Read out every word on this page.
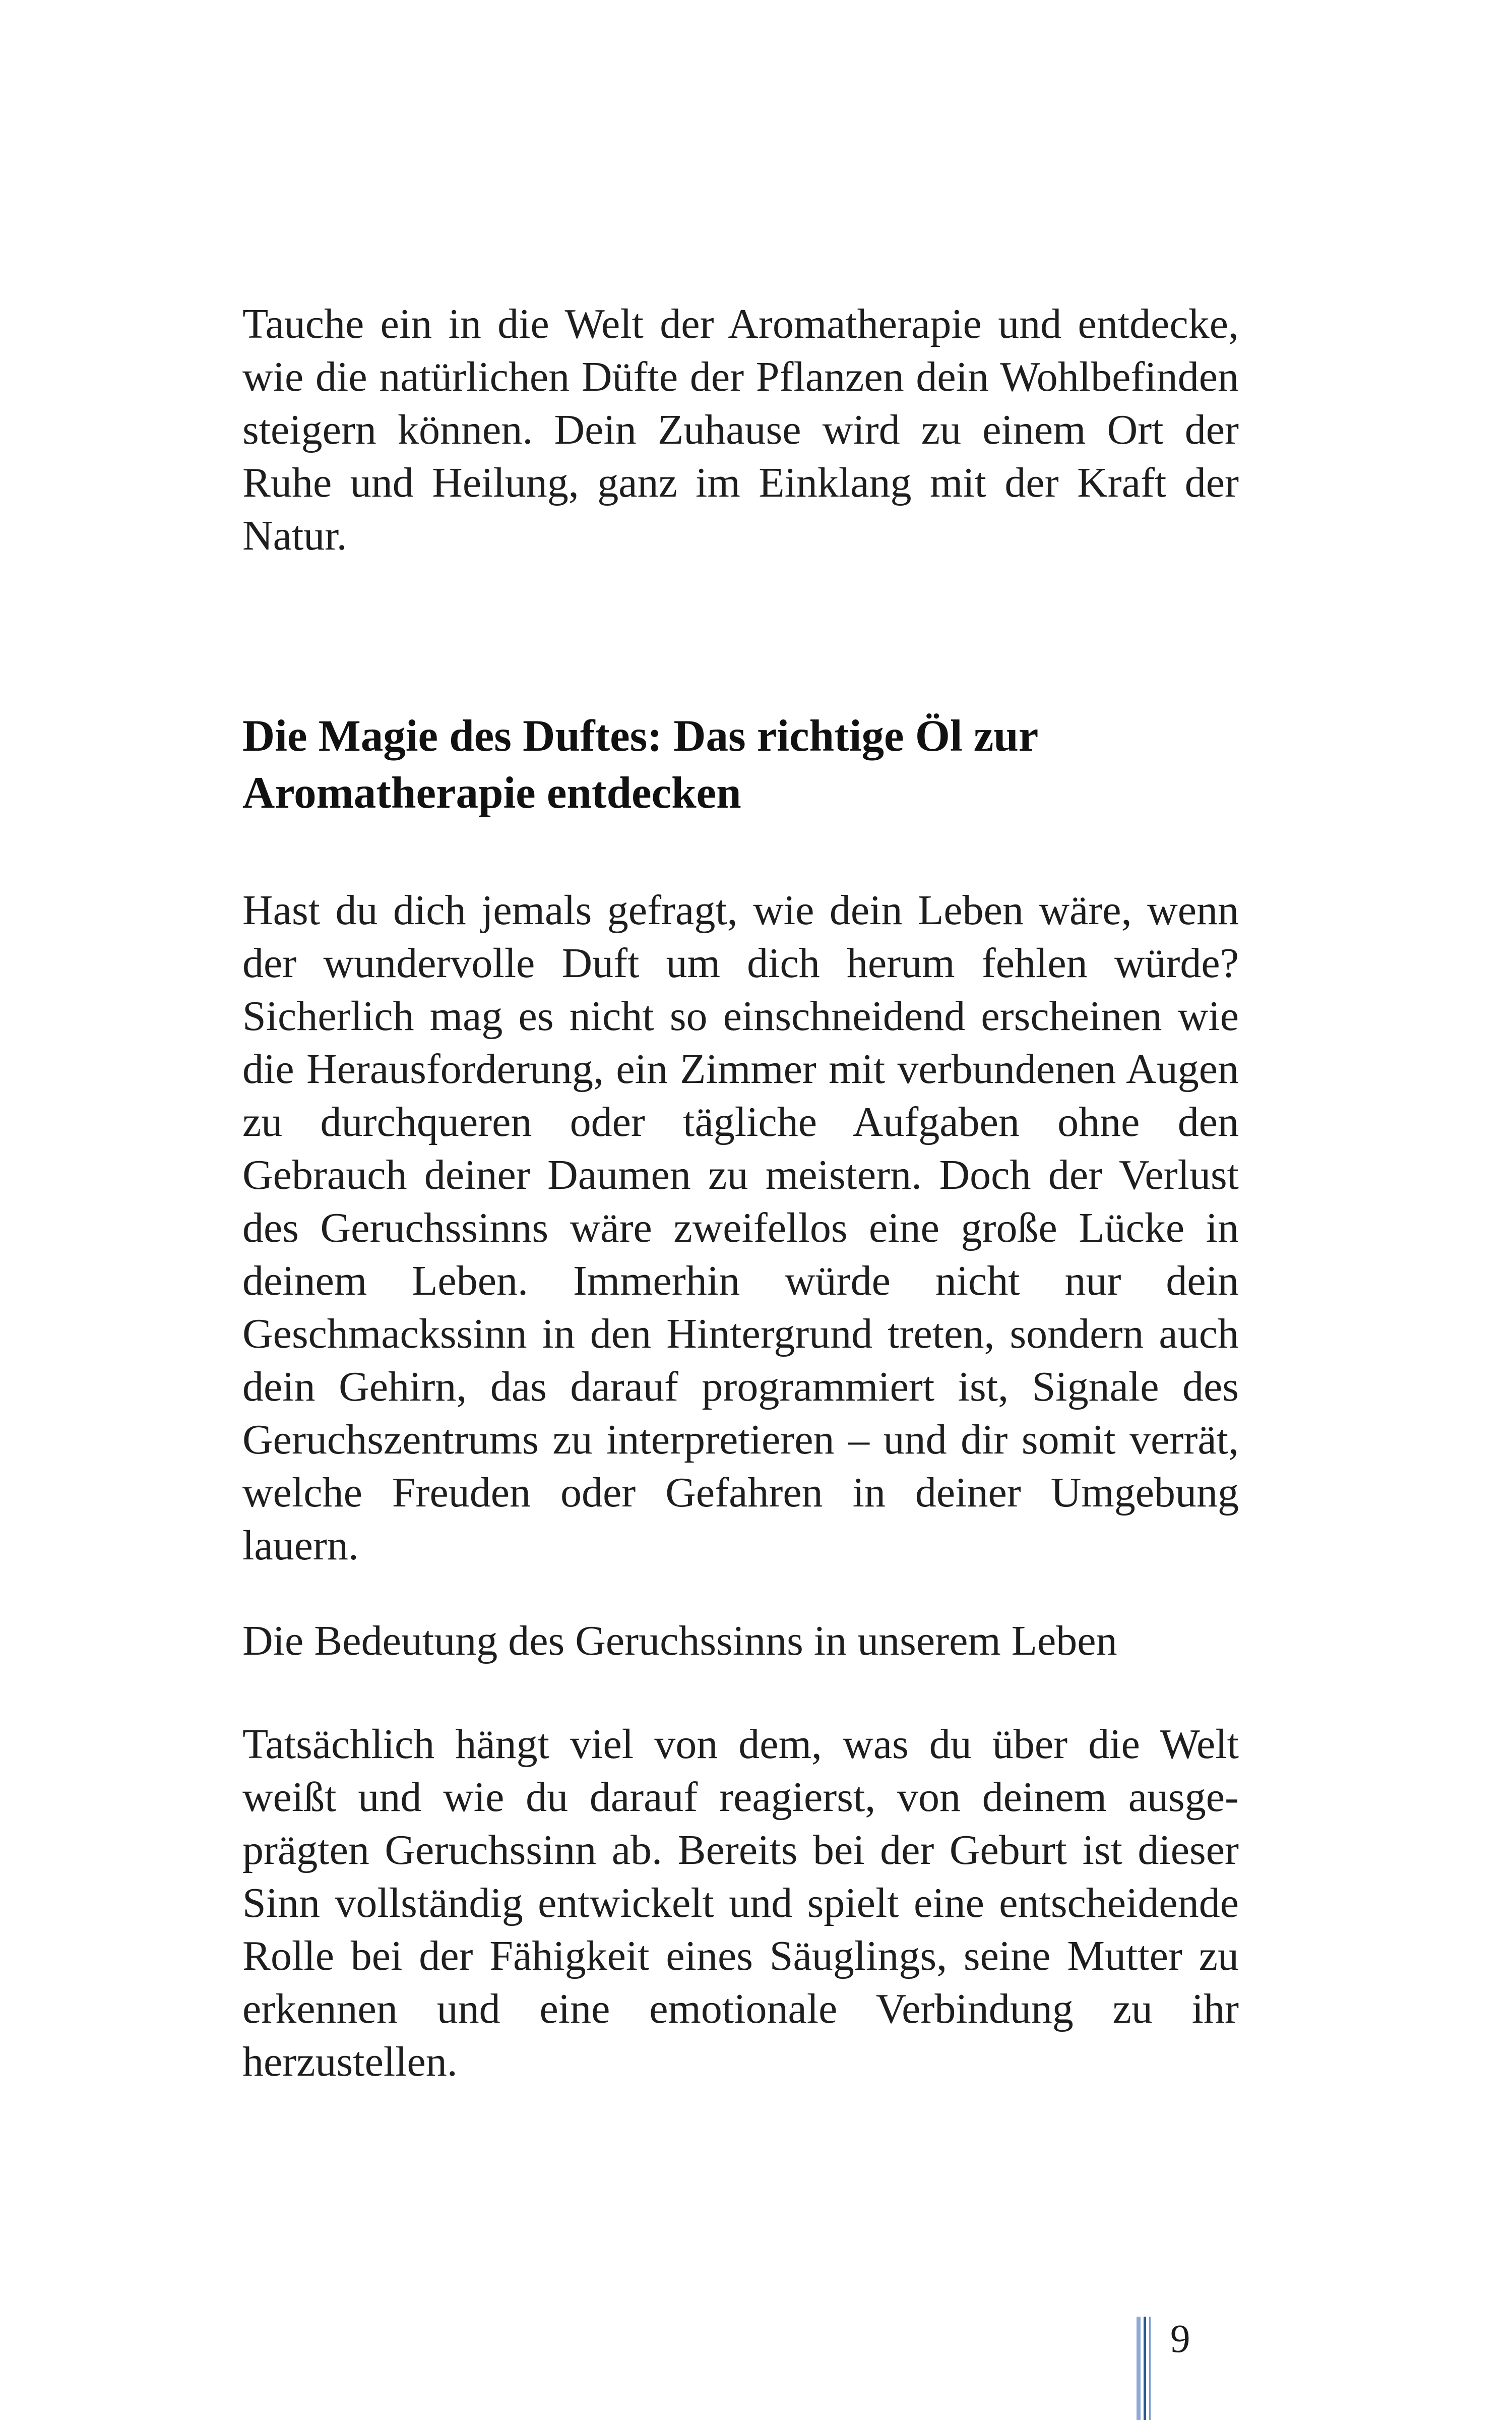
Tauche ein in die Welt der Aromatherapie und entdecke, wie die natürlichen Düfte der Pflanzen dein Wohlbefinden steigern können. Dein Zuhause wird zu einem Ort der Ruhe und Heilung, ganz im Einklang mit der Kraft der Natur.

Die Magie des Duftes: Das richtige Öl zur
Aromatherapie entdecken

Hast du dich jemals gefragt, wie dein Leben wäre, wenn der wundervolle Duft um dich herum fehlen würde? Sicherlich mag es nicht so einschneidend erscheinen wie die Herausforderung, ein Zimmer mit verbundenen Augen zu durchqueren oder tägliche Aufgaben ohne den Gebrauch deiner Daumen zu meistern. Doch der Verlust des Geruchssinns wäre zweifellos eine große Lücke in deinem Leben. Immerhin würde nicht nur dein Geschmackssinn in den Hintergrund treten, sondern auch dein Gehirn, das darauf programmiert ist, Signale des Geruchszentrums zu interpretieren – und dir somit verrät, welche Freuden oder Gefahren in deiner Umgebung lauern.

Die Bedeutung des Geruchssinns in unserem Leben

Tatsächlich hängt viel von dem, was du über die Welt weißt und wie du darauf reagierst, von deinem ausgeprägten Geruchssinn ab. Bereits bei der Geburt ist dieser Sinn vollständig entwickelt und spielt eine entscheidende Rolle bei der Fähigkeit eines Säuglings, seine Mutter zu erkennen und eine emotionale Verbindung zu ihr herzustellen.

9
